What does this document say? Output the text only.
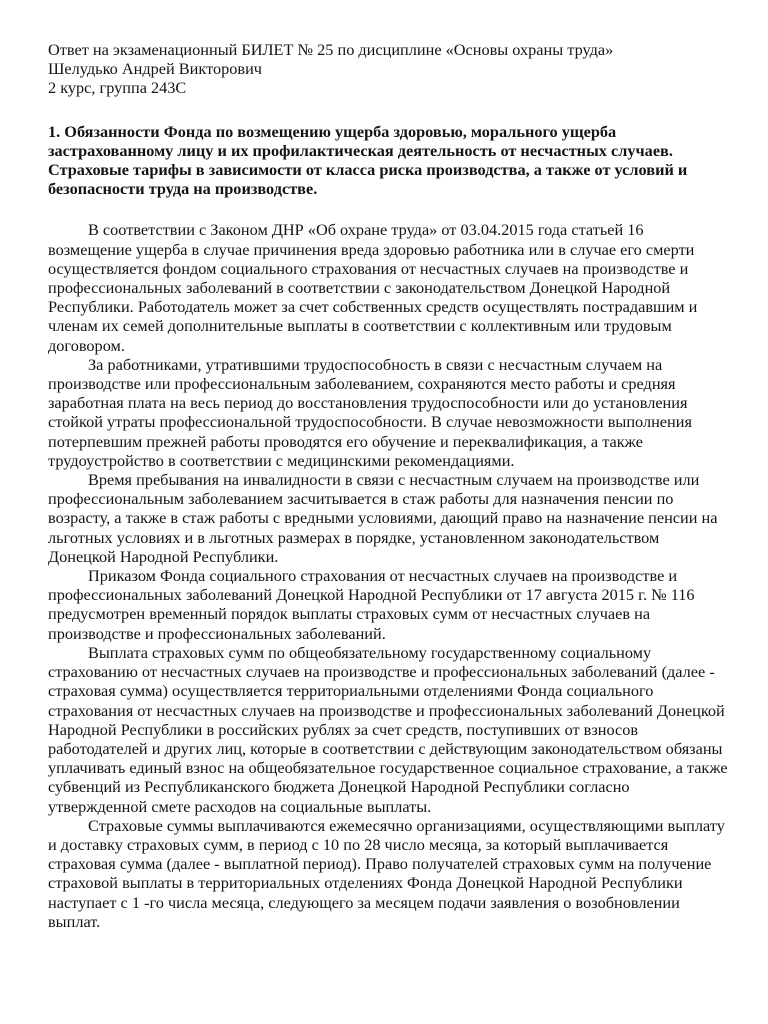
Ответ на экзаменационный БИЛЕТ № 25 по дисциплине «Основы охраны труда»

Шелудько Андрей Викторович

2 курс, группа 243С

1. Обязанности Фонда по возмещению ущерба здоровью, морального ущерба застрахованному лицу и их профилактическая деятельность от несчастных случаев. Страховые тарифы в зависимости от класса риска производства, а также от условий и безопасности труда на производстве.

В соответствии с Законом ДНР «Об охране труда» от 03.04.2015 года статьей 16 возмещение ущерба в случае причинения вреда здоровью работника или в случае его смерти осуществляется фондом социального страхования от несчастных случаев на производстве и профессиональных заболеваний в соответствии с законодательством Донецкой Народной Республики. Работодатель может за счет собственных средств осуществлять пострадавшим и членам их семей дополнительные выплаты в соответствии с коллективным или трудовым договором.

За работниками, утратившими трудоспособность в связи с несчастным случаем на производстве или профессиональным заболеванием, сохраняются место работы и средняя заработная плата на весь период до восстановления трудоспособности или до установления стойкой утраты профессиональной трудоспособности. В случае невозможности выполнения потерпевшим прежней работы проводятся его обучение и переквалификация, а также трудоустройство в соответствии с медицинскими рекомендациями.

Время пребывания на инвалидности в связи с несчастным случаем на производстве или профессиональным заболеванием засчитывается в стаж работы для назначения пенсии по возрасту, а также в стаж работы с вредными условиями, дающий право на назначение пенсии на льготных условиях и в льготных размерах в порядке, установленном законодательством Донецкой Народной Республики.

Приказом Фонда социального страхования от несчастных случаев на производстве и профессиональных заболеваний Донецкой Народной Республики от 17 августа 2015 г. № 116 предусмотрен временный порядок выплаты страховых сумм от несчастных случаев на производстве и профессиональных заболеваний.

Выплата страховых сумм по общеобязательному государственному социальному страхованию от несчастных случаев на производстве и профессиональных заболеваний (далее - страховая сумма) осуществляется территориальными отделениями Фонда социального страхования от несчастных случаев на производстве и профессиональных заболеваний Донецкой Народной Республики в российских рублях за счет средств, поступивших от взносов работодателей и других лиц, которые в соответствии с действующим законодательством обязаны уплачивать единый взнос на общеобязательное государственное социальное страхование, а также субвенций из Республиканского бюджета Донецкой Народной Республики согласно утвержденной смете расходов на социальные выплаты.

Страховые суммы выплачиваются ежемесячно организациями, осуществляющими выплату и доставку страховых сумм, в период с 10 по 28 число месяца, за который выплачивается страховая сумма (далее - выплатной период). Право получателей страховых сумм на получение страховой выплаты в территориальных отделениях Фонда Донецкой Народной Республики наступает с 1 -го числа месяца, следующего за месяцем подачи заявления о возобновлении выплат.
